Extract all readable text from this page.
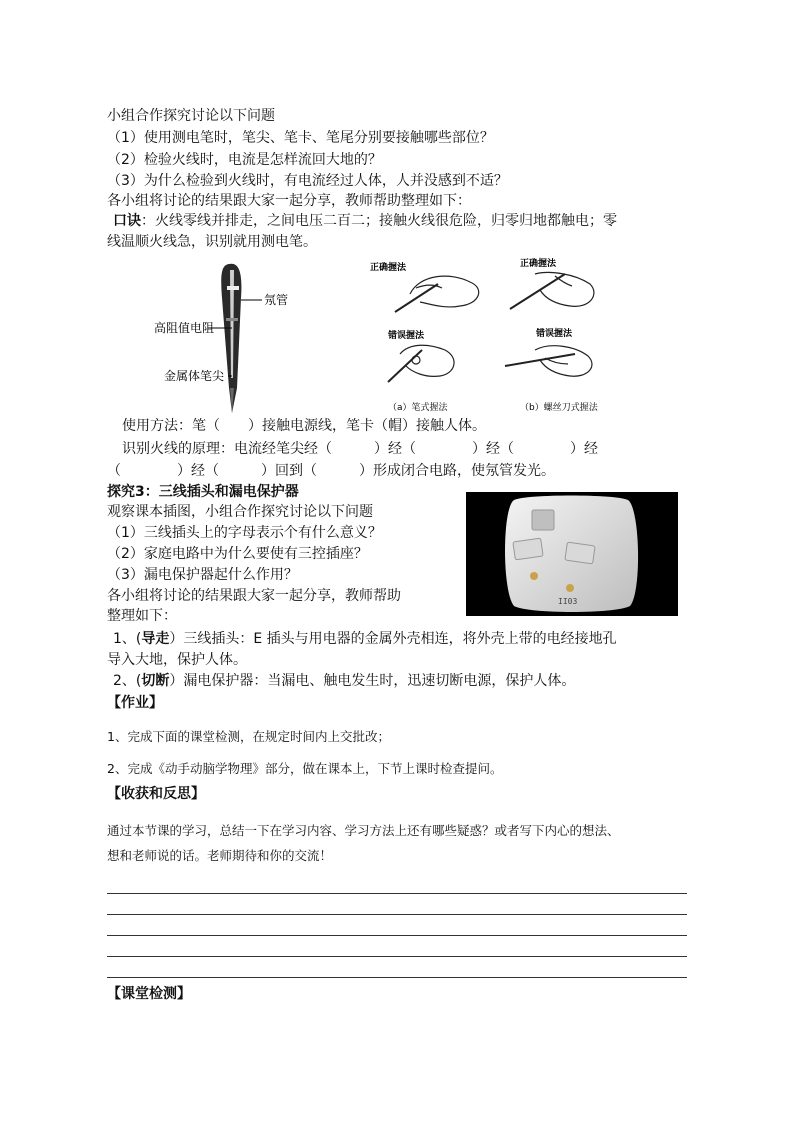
小组合作探究讨论以下问题
（1）使用测电笔时，笔尖、笔卡、笔尾分别要接触哪些部位？
（2）检验火线时，电流是怎样流回大地的？
（3）为什么检验到火线时，有电流经过人体，人并没感到不适？
各小组将讨论的结果跟大家一起分享，教师帮助整理如下：
口诀：火线零线并排走，之间电压二百二；接触火线很危险，归零归地都触电；零
线温顺火线急，识别就用测电笔。
氖管
高阻值电阻
金属体笔尖
正确握法	正确握法
错误握法	错误握法
（a）笔式握法	（b）螺丝刀式握法
使用方法：笔（　　）接触电源线，笔卡（帽）接触人体。
识别火线的原理：电流经笔尖经（　　　）经（　　　　）经（　　　　）经
（　　　　）经（　　　）回到（　　　）形成闭合电路，使氖管发光。
探究3：三线插头和漏电保护器
观察课本插图，小组合作探究讨论以下问题
（1）三线插头上的字母表示个有什么意义？
（2）家庭电路中为什么要使有三控插座？
（3）漏电保护器起什么作用？
各小组将讨论的结果跟大家一起分享，教师帮助
整理如下：
II03
1、(导走）三线插头：E 插头与用电器的金属外壳相连，将外壳上带的电经接地孔
导入大地，保护人体。
2、(切断）漏电保护器：当漏电、触电发生时，迅速切断电源，保护人体。
【作业】
1、完成下面的课堂检测，在规定时间内上交批改；
2、完成《动手动脑学物理》部分，做在课本上，下节上课时检查提问。
【收获和反思】
通过本节课的学习，总结一下在学习内容、学习方法上还有哪些疑惑？或者写下内心的想法、
想和老师说的话。老师期待和你的交流！
【课堂检测】
